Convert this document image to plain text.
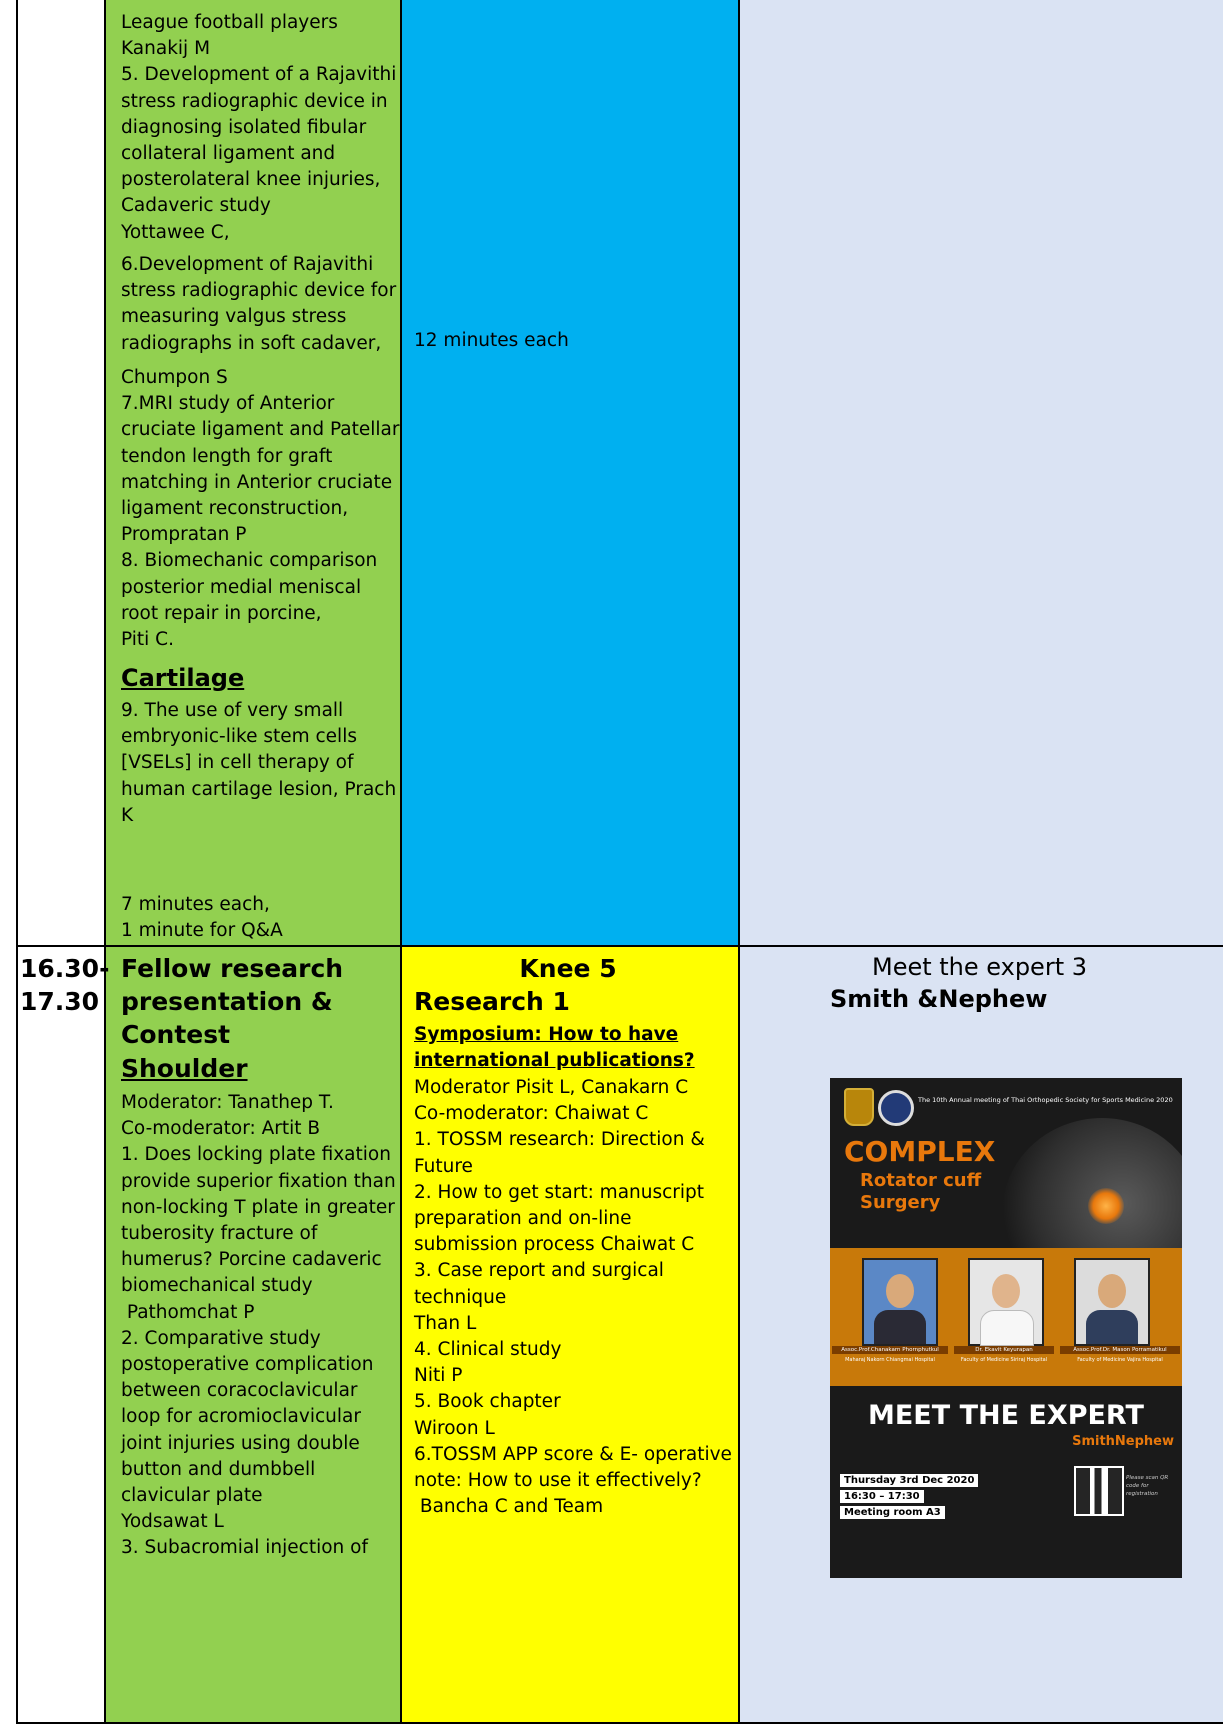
League football players
Kanakij M
5. Development of a Rajavithi
stress radiographic device in
diagnosing isolated fibular
collateral ligament and
posterolateral knee injuries,
Cadaveric study
Yottawee C,
6.Development of Rajavithi
stress radiographic device for
measuring valgus stress
radiographs in soft cadaver,
Chumpon S
7.MRI study of Anterior
cruciate ligament and Patellar
tendon length for graft
matching in Anterior cruciate
ligament reconstruction,
Prompratan P
8. Biomechanic comparison
posterior medial meniscal
root repair in porcine,
Piti C.
Cartilage
9. The use of very small
embryonic-like stem cells
[VSELs] in cell therapy of
human cartilage lesion, Prach
K
7 minutes each,
1 minute for Q&A
12 minutes each
16.30-
17.30
Fellow research
presentation &
Contest
Shoulder
Moderator: Tanathep T.
Co-moderator: Artit B
1. Does locking plate fixation
provide superior fixation than
non-locking T plate in greater
tuberosity fracture of
humerus? Porcine cadaveric
biomechanical study
Pathomchat P
2. Comparative study
postoperative complication
between coracoclavicular
loop for acromioclavicular
joint injuries using double
button and dumbbell
clavicular plate
Yodsawat L
3. Subacromial injection of
Knee 5
Research 1
Symposium: How to have
international publications?
Moderator Pisit L, Canakarn C
Co-moderator: Chaiwat C
1. TOSSM research: Direction &
Future
2. How to get start: manuscript
preparation and on-line
submission process Chaiwat C
3. Case report and surgical
technique
Than L
4. Clinical study
Niti P
5. Book chapter
Wiroon L
6.TOSSM APP score & E- operative
note: How to use it effectively?
Bancha C and Team
Meet the expert 3
Smith &Nephew
The 10th Annual meeting of Thai Orthopedic Society for Sports Medicine 2020
COMPLEX
Rotator cuff
Surgery
Assoc.Prof.Chanakarn Phornphutkul
Maharaj Nakorn Chiangmai Hospital
Dr. Ekavit Keyurapan
Faculty of Medicine Siriraj Hospital
Assoc.Prof.Dr. Mason Porramatikul
Faculty of Medicine Vajira Hospital
MEET THE EXPERT
SmithNephew
Thursday 3rd Dec 2020
16:30 – 17:30
Meeting room A3
Please scan QR code for registration
